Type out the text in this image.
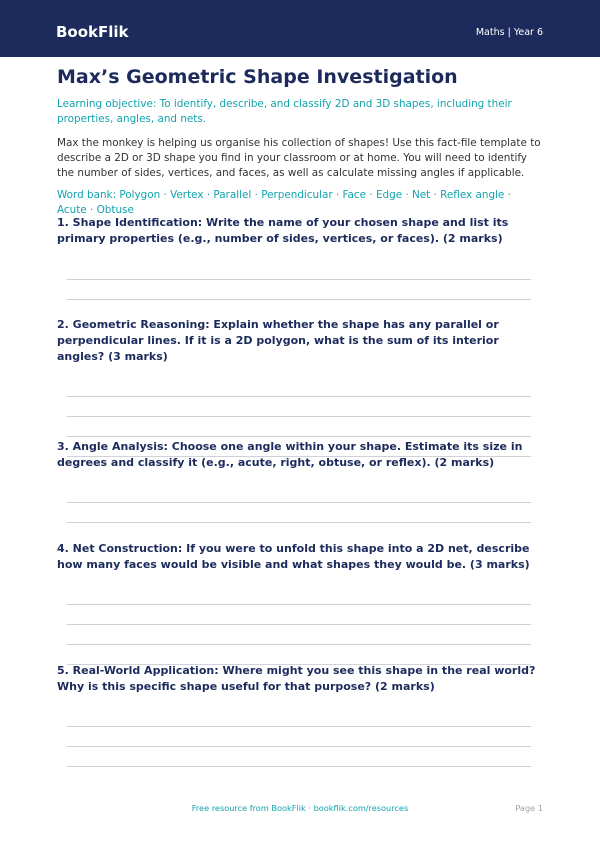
BookFlik	Maths | Year 6
Max’s Geometric Shape Investigation

Learning objective: To identify, describe, and classify 2D and 3D shapes, including their properties, angles, and nets.

Max the monkey is helping us organise his collection of shapes! Use this fact-file template to describe a 2D or 3D shape you find in your classroom or at home. You will need to identify the number of sides, vertices, and faces, as well as calculate missing angles if applicable.

Word bank: Polygon · Vertex · Parallel · Perpendicular · Face · Edge · Net · Reflex angle · Acute · Obtuse

1. Shape Identification: Write the name of your chosen shape and list its primary properties (e.g., number of sides, vertices, or faces). (2 marks)

2. Geometric Reasoning: Explain whether the shape has any parallel or perpendicular lines. If it is a 2D polygon, what is the sum of its interior angles? (3 marks)

3. Angle Analysis: Choose one angle within your shape. Estimate its size in degrees and classify it (e.g., acute, right, obtuse, or reflex). (2 marks)

4. Net Construction: If you were to unfold this shape into a 2D net, describe how many faces would be visible and what shapes they would be. (3 marks)

5. Real-World Application: Where might you see this shape in the real world? Why is this specific shape useful for that purpose? (2 marks)

Free resource from BookFlik · bookflik.com/resources	Page 1
